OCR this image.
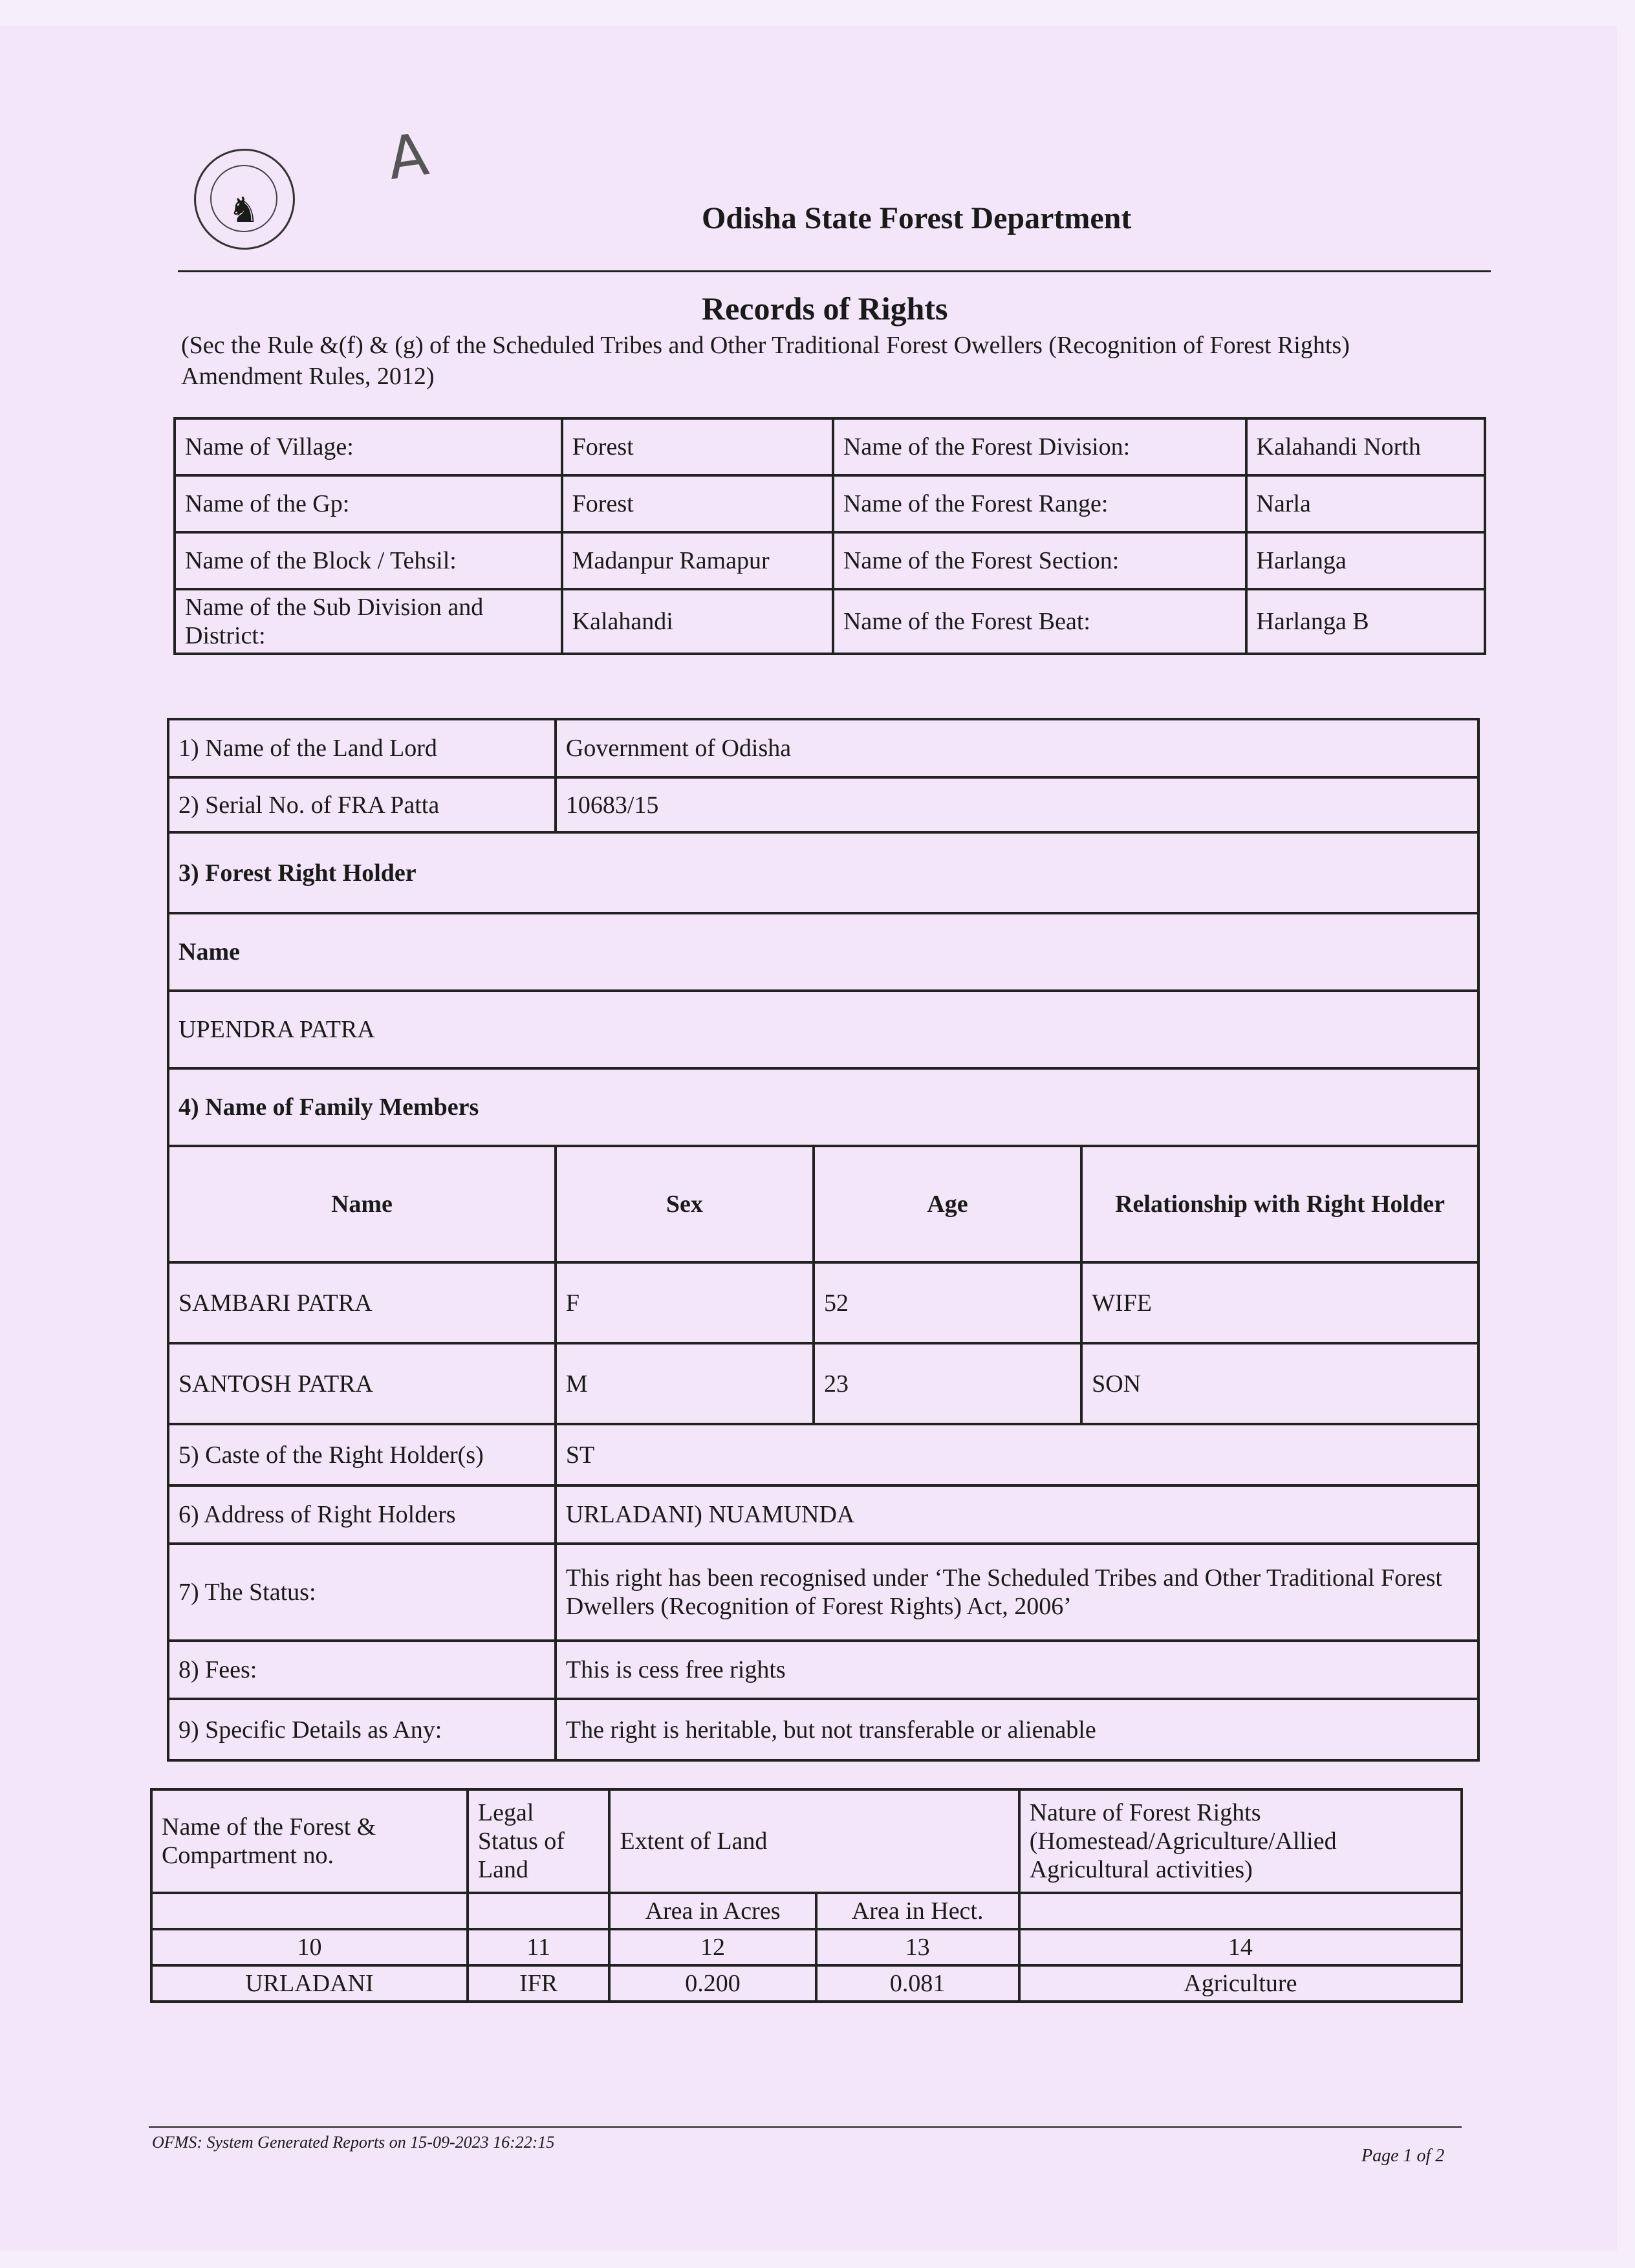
♞
A
Odisha State Forest Department
Records of Rights
(Sec the Rule &(f) & (g) of the Scheduled Tribes and Other Traditional Forest Owellers (Recognition of Forest Rights) Amendment Rules, 2012)
Name of Village:	Forest	Name of the Forest Division:	Kalahandi North
Name of the Gp:	Forest	Name of the Forest Range:	Narla
Name of the Block / Tehsil:	Madanpur Ramapur	Name of the Forest Section:	Harlanga
Name of the Sub Division and District:	Kalahandi	Name of the Forest Beat:	Harlanga B
1) Name of the Land Lord	Government of Odisha		
2) Serial No. of FRA Patta	10683/15		
3) Forest Right Holder			
Name			
UPENDRA PATRA			
4) Name of Family Members			
Name	Sex	Age	Relationship with Right Holder
SAMBARI PATRA	F	52	WIFE
SANTOSH PATRA	M	23	SON
5) Caste of the Right Holder(s)	ST		
6) Address of Right Holders	URLADANI) NUAMUNDA		
7) The Status:	This right has been recognised under ‘The Scheduled Tribes and Other Traditional Forest Dwellers (Recognition of Forest Rights) Act, 2006’		
8) Fees:	This is cess free rights		
9) Specific Details as Any:	The right is heritable, but not transferable or alienable		
Name of the Forest & Compartment no.	Legal Status of Land	Extent of Land		Nature of Forest Rights (Homestead/Agriculture/Allied Agricultural activities)
		Area in Acres	Area in Hect.	
10	11	12	13	14
URLADANI	IFR	0.200	0.081	Agriculture
OFMS: System Generated Reports on 15-09-2023 16:22:15
Page 1 of 2
